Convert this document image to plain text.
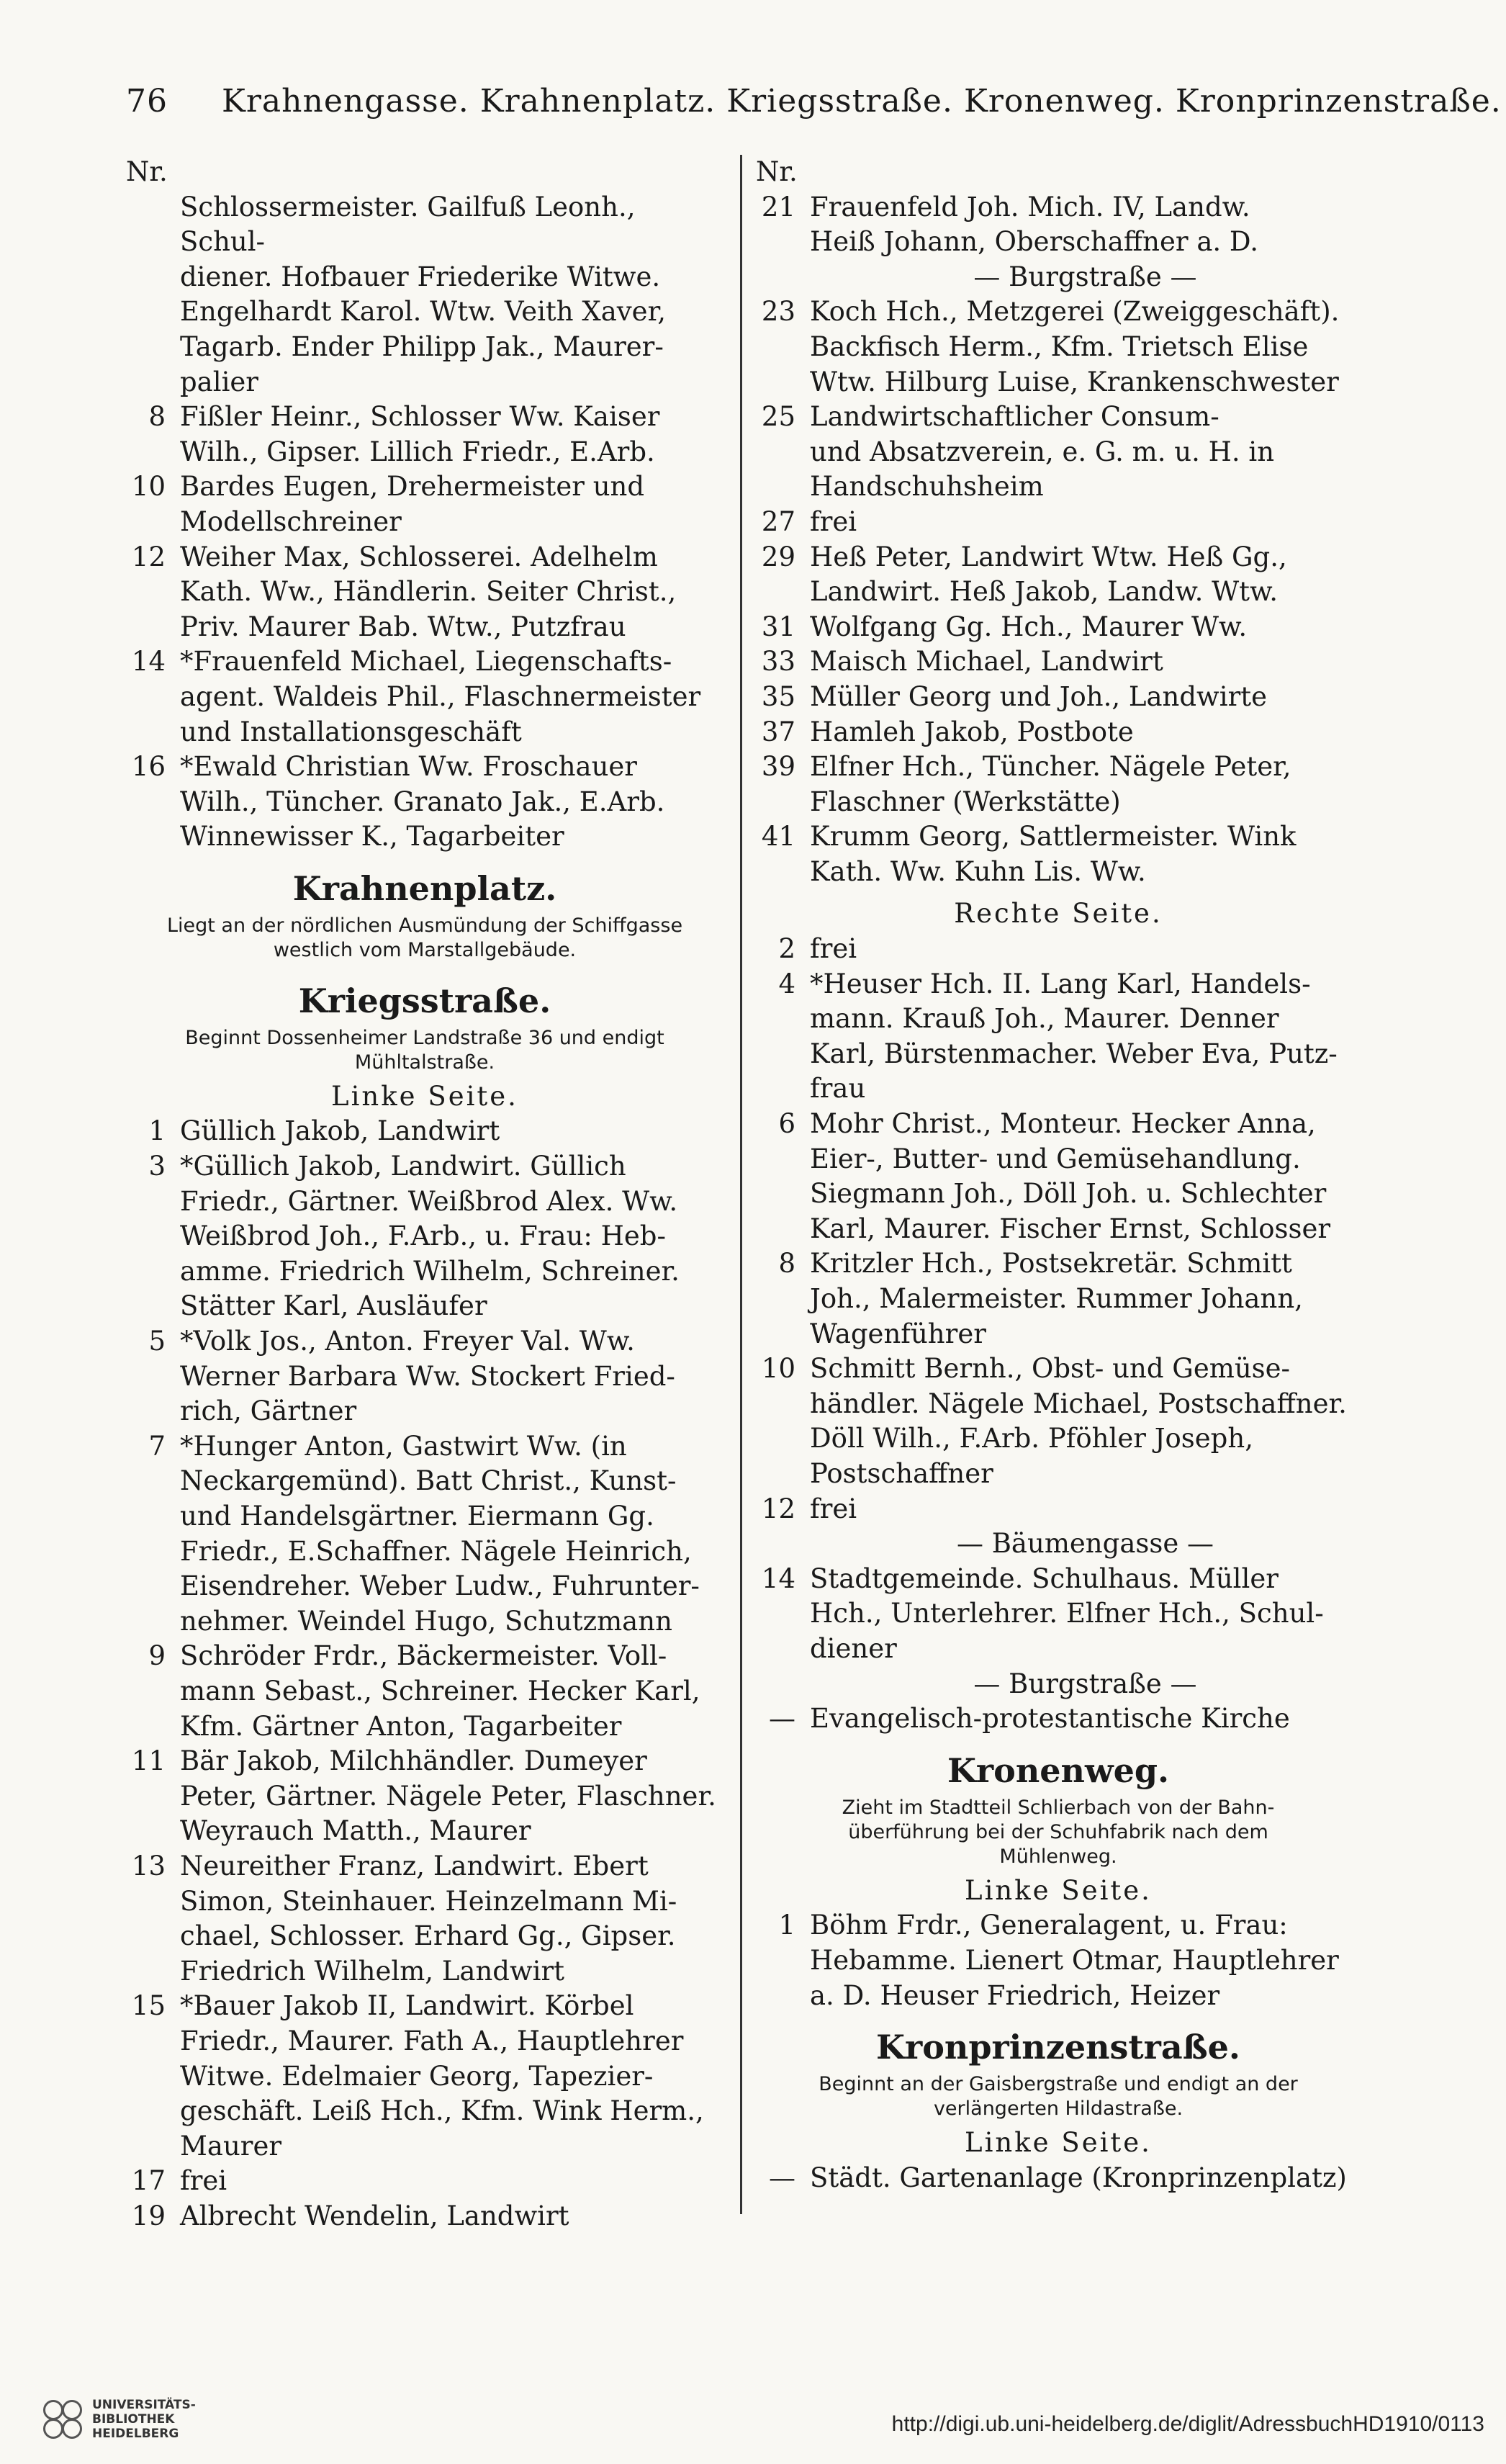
76 Krahnengasse. Krahnenplatz. Kriegsstraße. Kronenweg. Kronprinzenstraße.
Nr.
Schlossermeister. Gailfuß Leonh., Schul-
diener. Hofbauer Friederike Witwe.
Engelhardt Karol. Wtw. Veith Xaver,
Tagarb. Ender Philipp Jak., Maurer-
palier
8 Fißler Heinr., Schlosser Ww. Kaiser
Wilh., Gipser. Lillich Friedr., E.Arb.
10 Bardes Eugen, Drehermeister und
Modellschreiner
12 Weiher Max, Schlosserei. Adelhelm
Kath. Ww., Händlerin. Seiter Christ.,
Priv. Maurer Bab. Wtw., Putzfrau
14 *Frauenfeld Michael, Liegenschafts-
agent. Waldeis Phil., Flaschnermeister
und Installationsgeschäft
16 *Ewald Christian Ww. Froschauer
Wilh., Tüncher. Granato Jak., E.Arb.
Winnewisser K., Tagarbeiter
Krahnenplatz.
Liegt an der nördlichen Ausmündung der Schiffgasse
westlich vom Marstallgebäude.
Kriegsstraße.
Beginnt Dossenheimer Landstraße 36 und endigt
Mühltalstraße.
Linke Seite.
1 Güllich Jakob, Landwirt
3 *Güllich Jakob, Landwirt. Güllich
Friedr., Gärtner. Weißbrod Alex. Ww.
Weißbrod Joh., F.Arb., u. Frau: Heb-
amme. Friedrich Wilhelm, Schreiner.
Stätter Karl, Ausläufer
5 *Volk Jos., Anton. Freyer Val. Ww.
Werner Barbara Ww. Stockert Fried-
rich, Gärtner
7 *Hunger Anton, Gastwirt Ww. (in
Neckargemünd). Batt Christ., Kunst-
und Handelsgärtner. Eiermann Gg.
Friedr., E.Schaffner. Nägele Heinrich,
Eisendreher. Weber Ludw., Fuhrunter-
nehmer. Weindel Hugo, Schutzmann
9 Schröder Frdr., Bäckermeister. Voll-
mann Sebast., Schreiner. Hecker Karl,
Kfm. Gärtner Anton, Tagarbeiter
11 Bär Jakob, Milchhändler. Dumeyer
Peter, Gärtner. Nägele Peter, Flaschner.
Weyrauch Matth., Maurer
13 Neureither Franz, Landwirt. Ebert
Simon, Steinhauer. Heinzelmann Mi-
chael, Schlosser. Erhard Gg., Gipser.
Friedrich Wilhelm, Landwirt
15 *Bauer Jakob II, Landwirt. Körbel
Friedr., Maurer. Fath A., Hauptlehrer
Witwe. Edelmaier Georg, Tapezier-
geschäft. Leiß Hch., Kfm. Wink Herm.,
Maurer
17 frei
19 Albrecht Wendelin, Landwirt
Nr.
21 Frauenfeld Joh. Mich. IV, Landw.
Heiß Johann, Oberschaffner a. D.
— Burgstraße —
23 Koch Hch., Metzgerei (Zweiggeschäft).
Backfisch Herm., Kfm. Trietsch Elise
Wtw. Hilburg Luise, Krankenschwester
25 Landwirtschaftlicher Consum-
und Absatzverein, e. G. m. u. H. in
Handschuhsheim
27 frei
29 Heß Peter, Landwirt Wtw. Heß Gg.,
Landwirt. Heß Jakob, Landw. Wtw.
31 Wolfgang Gg. Hch., Maurer Ww.
33 Maisch Michael, Landwirt
35 Müller Georg und Joh., Landwirte
37 Hamleh Jakob, Postbote
39 Elfner Hch., Tüncher. Nägele Peter,
Flaschner (Werkstätte)
41 Krumm Georg, Sattlermeister. Wink
Kath. Ww. Kuhn Lis. Ww.
Rechte Seite.
2 frei
4 *Heuser Hch. II. Lang Karl, Handels-
mann. Krauß Joh., Maurer. Denner
Karl, Bürstenmacher. Weber Eva, Putz-
frau
6 Mohr Christ., Monteur. Hecker Anna,
Eier-, Butter- und Gemüsehandlung.
Siegmann Joh., Döll Joh. u. Schlechter
Karl, Maurer. Fischer Ernst, Schlosser
8 Kritzler Hch., Postsekretär. Schmitt
Joh., Malermeister. Rummer Johann,
Wagenführer
10 Schmitt Bernh., Obst- und Gemüse-
händler. Nägele Michael, Postschaffner.
Döll Wilh., F.Arb. Pföhler Joseph,
Postschaffner
12 frei
— Bäumengasse —
14 Stadtgemeinde. Schulhaus. Müller
Hch., Unterlehrer. Elfner Hch., Schul-
diener
— Burgstraße —
— Evangelisch-protestantische Kirche
Kronenweg.
Zieht im Stadtteil Schlierbach von der Bahn-
überführung bei der Schuhfabrik nach dem
Mühlenweg.
Linke Seite.
1 Böhm Frdr., Generalagent, u. Frau:
Hebamme. Lienert Otmar, Hauptlehrer
a. D. Heuser Friedrich, Heizer
Kronprinzenstraße.
Beginnt an der Gaisbergstraße und endigt an der
verlängerten Hildastraße.
Linke Seite.
— Städt. Gartenanlage (Kronprinzenplatz)
UNIVERSITÄTS-
BIBLIOTHEK
HEIDELBERG	http://digi.ub.uni-heidelberg.de/diglit/AdressbuchHD1910/0113
